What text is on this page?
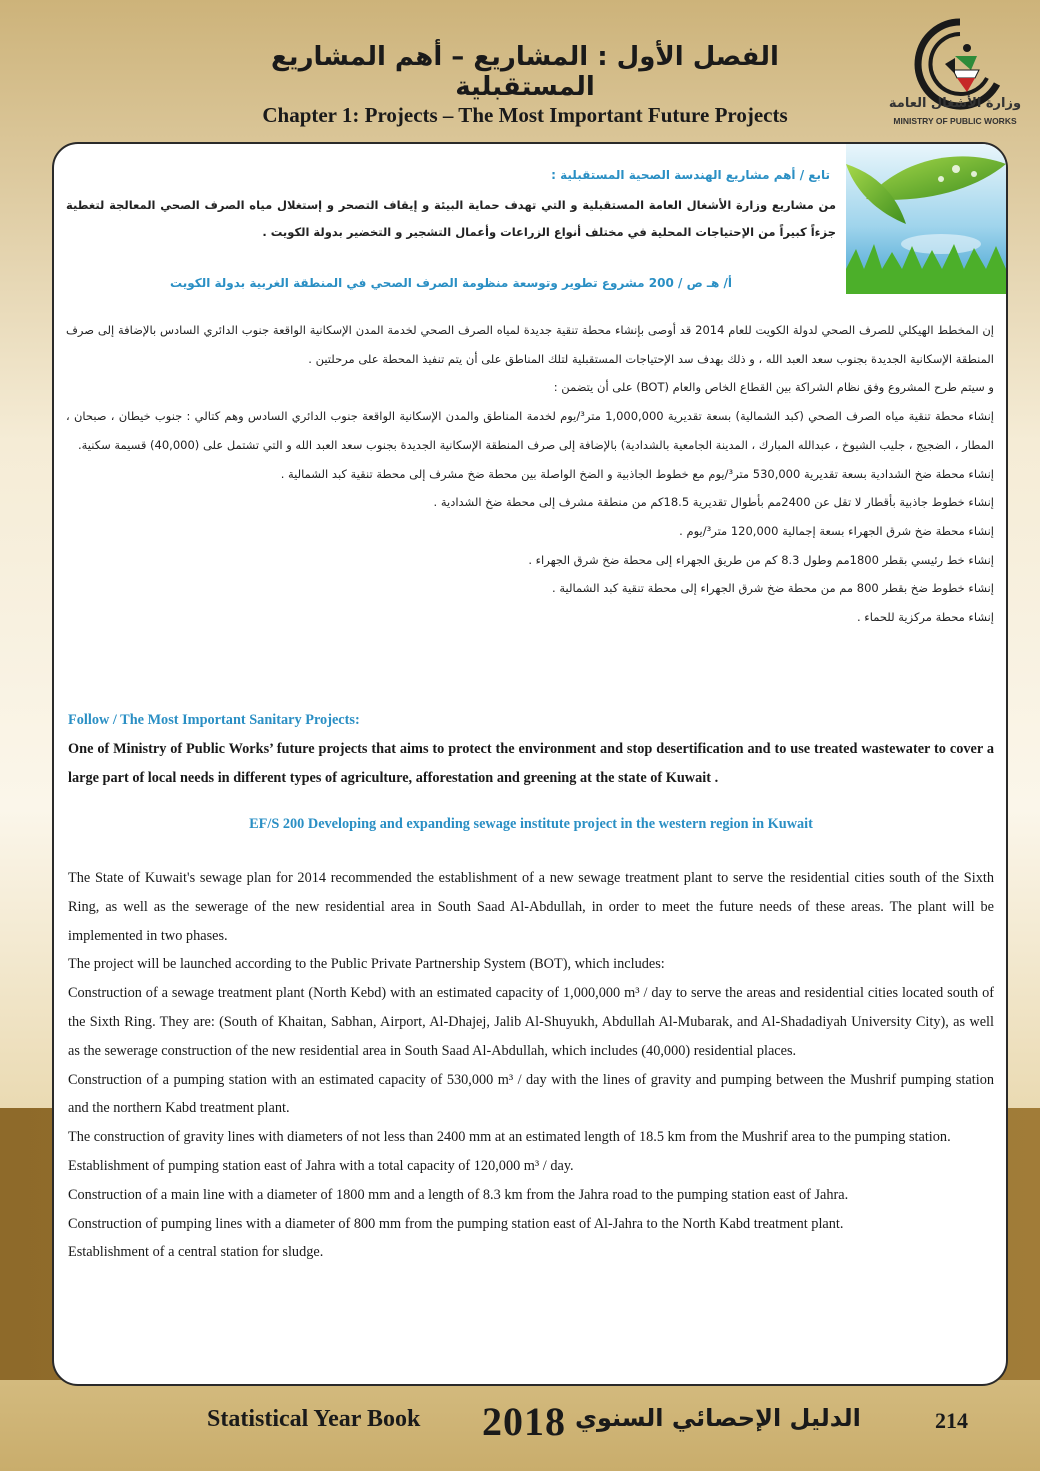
الفصل الأول : المشاريع – أهم المشاريع المستقبلية
Chapter 1: Projects – The Most Important Future Projects	وزارة الأشغال العامة
MINISTRY OF PUBLIC WORKS
تابع / أهم مشاريع الهندسة الصحية المستقبلية :
من مشاريع وزارة الأشغال العامة المستقبلية و التي تهدف حماية البيئة و إيقاف التصحر و إستغلال مياه الصرف الصحي المعالجة لتغطية جزءاً كبيراً من الإحتياجات المحلية في مختلف أنواع الزراعات وأعمال التشجير و التخضير بدولة الكويت .
أ/ هـ ص / 200 مشروع تطوير وتوسعة منظومة الصرف الصحي في المنطقة الغربية بدولة الكويت

إن المخطط الهيكلي للصرف الصحي لدولة الكويت للعام 2014 قد أوصى بإنشاء محطة تنقية جديدة لمياه الصرف الصحي لخدمة المدن الإسكانية الواقعة جنوب الدائري السادس بالإضافة إلى صرف المنطقة الإسكانية الجديدة بجنوب سعد العبد الله ، و ذلك بهدف سد الإحتياجات المستقبلية لتلك المناطق على أن يتم تنفيذ المحطة على مرحلتين .

و سيتم طرح المشروع وفق نظام الشراكة بين القطاع الخاص والعام (BOT) على أن يتضمن :

إنشاء محطة تنقية مياه الصرف الصحي (كبد الشمالية) بسعة تقديرية 1,000,000 متر³/يوم لخدمة المناطق والمدن الإسكانية الواقعة جنوب الدائري السادس وهم كتالي : جنوب خيطان ، صبحان ، المطار ، الضجيج ، جليب الشيوخ ، عبدالله المبارك ، المدينة الجامعية بالشدادية) بالإضافة إلى صرف المنطقة الإسكانية الجديدة بجنوب سعد العبد الله و التي تشتمل على (40,000) قسيمة سكنية.

إنشاء محطة ضخ الشدادية بسعة تقديرية 530,000 متر³/يوم مع خطوط الجاذبية و الضخ الواصلة بين محطة ضخ مشرف إلى محطة تنقية كبد الشمالية .

إنشاء خطوط جاذبية بأقطار لا تقل عن 2400مم بأطوال تقديرية 18.5كم من منطقة مشرف إلى محطة ضخ الشدادية .

إنشاء محطة ضخ شرق الجهراء بسعة إجمالية 120,000 متر³/يوم .

إنشاء خط رئيسي بقطر 1800مم وطول 8.3 كم من طريق الجهراء إلى محطة ضخ شرق الجهراء .

إنشاء خطوط ضخ بقطر 800 مم من محطة ضخ شرق الجهراء إلى محطة تنقية كبد الشمالية .

إنشاء محطة مركزية للحماء .

Follow / The Most Important Sanitary Projects:

One of Ministry of Public Works’ future projects that aims to protect the environment and stop desertification and to use treated wastewater to cover a large part of local needs in different types of agriculture, afforestation and greening at the state of Kuwait .

EF/S 200 Developing and expanding sewage institute project in the western region in Kuwait

The State of Kuwait's sewage plan for 2014 recommended the establishment of a new sewage treatment plant to serve the residential cities south of the Sixth Ring, as well as the sewerage of the new residential area in South Saad Al-Abdullah, in order to meet the future needs of these areas. The plant will be implemented in two phases.

The project will be launched according to the Public Private Partnership System (BOT), which includes:

Construction of a sewage treatment plant (North Kebd) with an estimated capacity of 1,000,000 m³ / day to serve the areas and residential cities located south of the Sixth Ring. They are: (South of Khaitan, Sabhan, Airport, Al-Dhajej, Jalib Al-Shuyukh, Abdullah Al-Mubarak, and Al-Shadadiyah University City), as well as the sewerage construction of the new residential area in South Saad Al-Abdullah, which includes (40,000) residential places.

Construction of a pumping station with an estimated capacity of 530,000 m³ / day with the lines of gravity and pumping between the Mushrif pumping station and the northern Kabd treatment plant.

The construction of gravity lines with diameters of not less than 2400 mm at an estimated length of 18.5 km from the Mushrif area to the pumping station.

Establishment of pumping station east of Jahra with a total capacity of 120,000 m³ / day.

Construction of a main line with a diameter of 1800 mm and a length of 8.3 km from the Jahra road to the pumping station east of Jahra.

Construction of pumping lines with a diameter of 800 mm from the pumping station east of Al-Jahra to the North Kabd treatment plant.

Establishment of a central station for sludge.

Statistical Year Book 2018 الدليل الإحصائي السنوي	214
